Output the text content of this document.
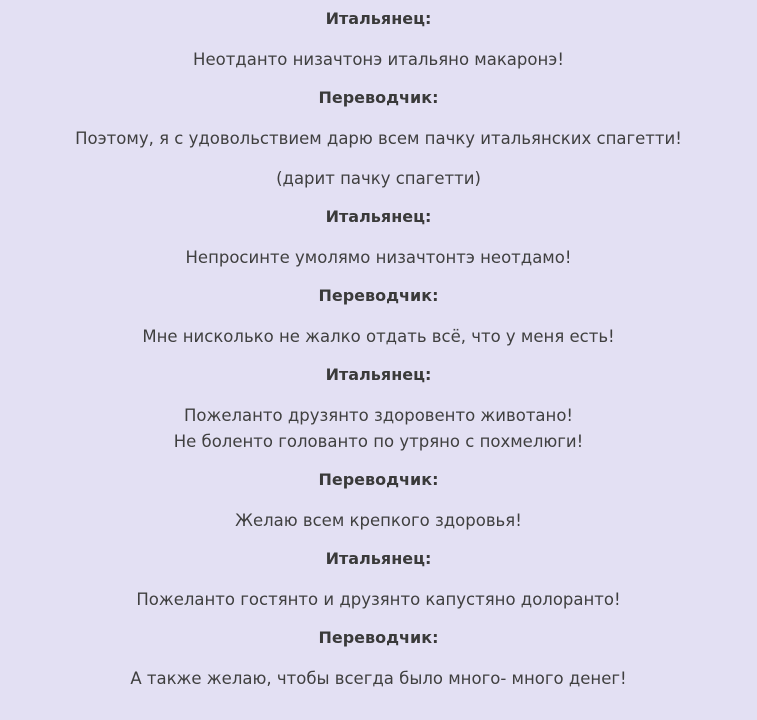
Итальянец:
Неотданто низачтонэ итальяно макаронэ!
Переводчик:
Поэтому, я с удовольствием дарю всем пачку итальянских спагетти!
(дарит пачку спагетти)
Итальянец:
Непросинте умолямо низачтонтэ неотдамо!
Переводчик:
Мне нисколько не жалко отдать всё, что у меня есть!
Итальянец:
Пожеланто друзянто здоровенто животано!
Не боленто голованто по утряно с похмелюги!
Переводчик:
Желаю всем крепкого здоровья!
Итальянец:
Пожеланто гостянто и друзянто капустяно долоранто!
Переводчик:
А также желаю, чтобы всегда было много- много денег!
